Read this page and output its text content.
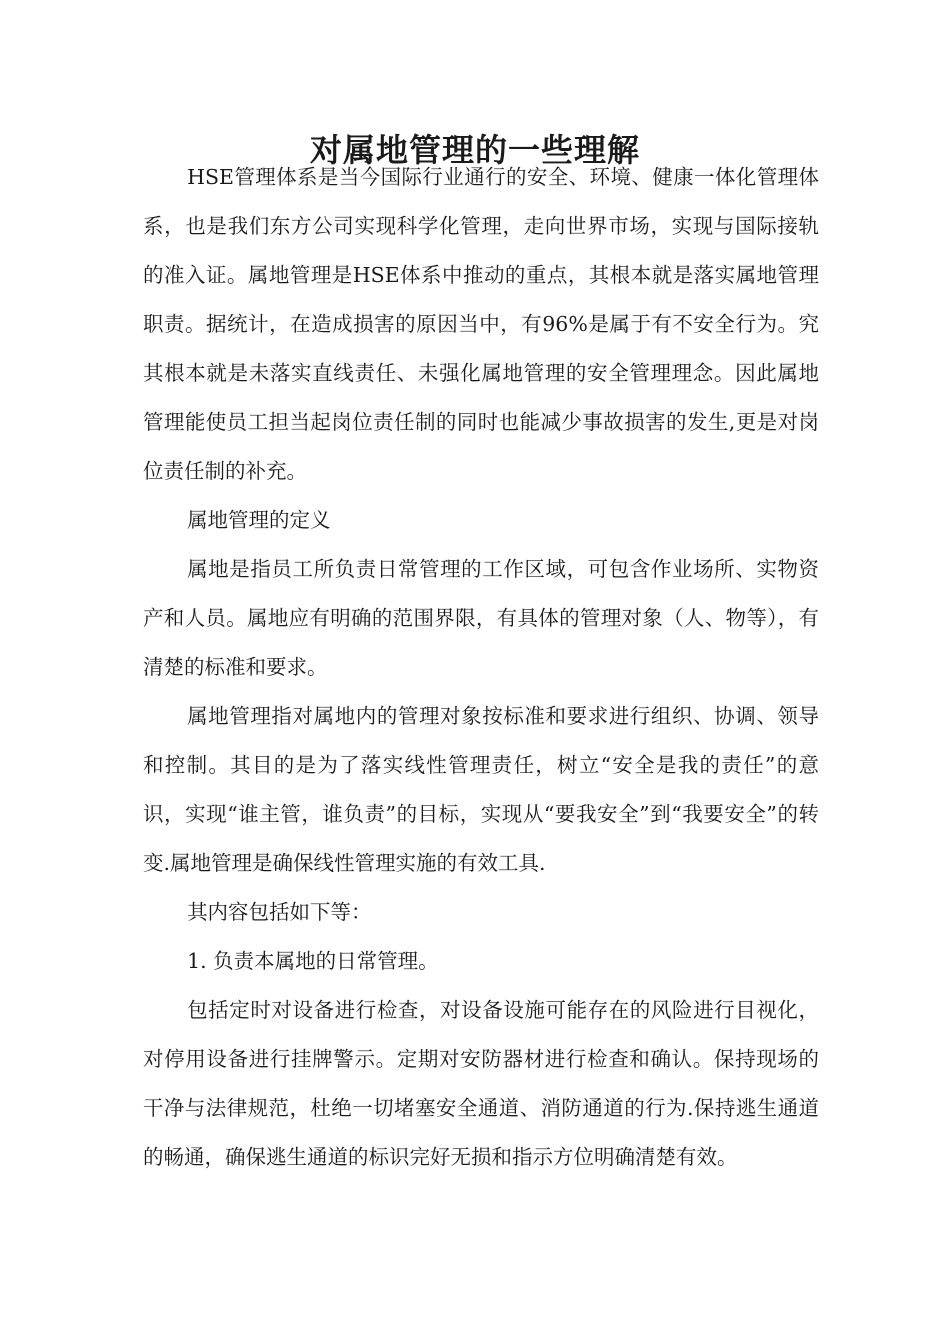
对属地管理的一些理解

HSE管理体系是当今国际行业通行的安全、环境、健康一体化管理体系，也是我们东方公司实现科学化管理，走向世界市场，实现与国际接轨的准入证。属地管理是HSE体系中推动的重点，其根本就是落实属地管理职责。据统计，在造成损害的原因当中，有96%是属于有不安全行为。究其根本就是未落实直线责任、未强化属地管理的安全管理理念。因此属地管理能使员工担当起岗位责任制的同时也能减少事故损害的发生,更是对岗位责任制的补充。

属地管理的定义

属地是指员工所负责日常管理的工作区域，可包含作业场所、实物资产和人员。属地应有明确的范围界限，有具体的管理对象（人、物等），有清楚的标准和要求。

属地管理指对属地内的管理对象按标准和要求进行组织、协调、领导和控制。其目的是为了落实线性管理责任，树立“安全是我的责任”的意识，实现“谁主管，谁负责”的目标，实现从“要我安全”到“我要安全”的转变.属地管理是确保线性管理实施的有效工具.

其内容包括如下等：

1. 负责本属地的日常管理。

包括定时对设备进行检查，对设备设施可能存在的风险进行目视化，对停用设备进行挂牌警示。定期对安防器材进行检查和确认。保持现场的干净与法律规范，杜绝一切堵塞安全通道、消防通道的行为.保持逃生通道的畅通，确保逃生通道的标识完好无损和指示方位明确清楚有效。
